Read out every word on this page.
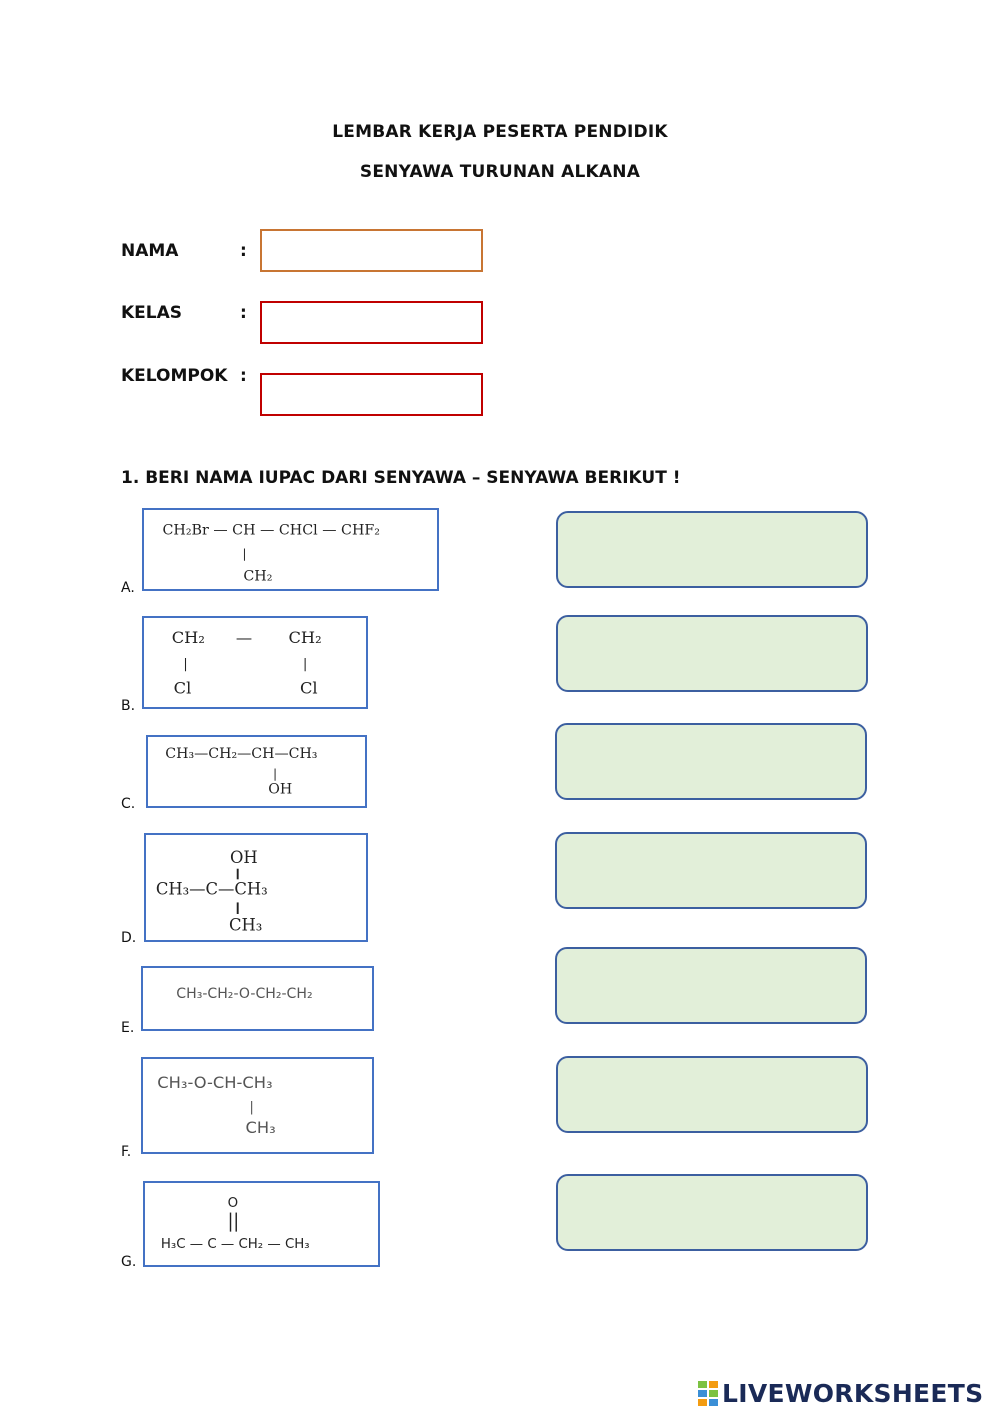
LEMBAR KERJA PESERTA PENDIDIK
SENYAWA TURUNAN ALKANA
NAMA	:
KELAS	:
KELOMPOK :
1. BERI NAMA IUPAC DARI SENYAWA – SENYAWA BERIKUT !
A.
CH₂Br — CH — CHCl — CHF₂
|
CH₂
B.
CH₂ — CH₂
|	|
Cl	Cl
C.
CH₃—CH₂—CH—CH₃
|
OH
D.
OH
CH₃—C—CH₃
CH₃
E.
CH₃-CH₂-O-CH₂-CH₂
F.
CH₃-O-CH-CH₃
|
CH₃
G.
O
H₃C — C — CH₂ — CH₃
LIVEWORKSHEETS
